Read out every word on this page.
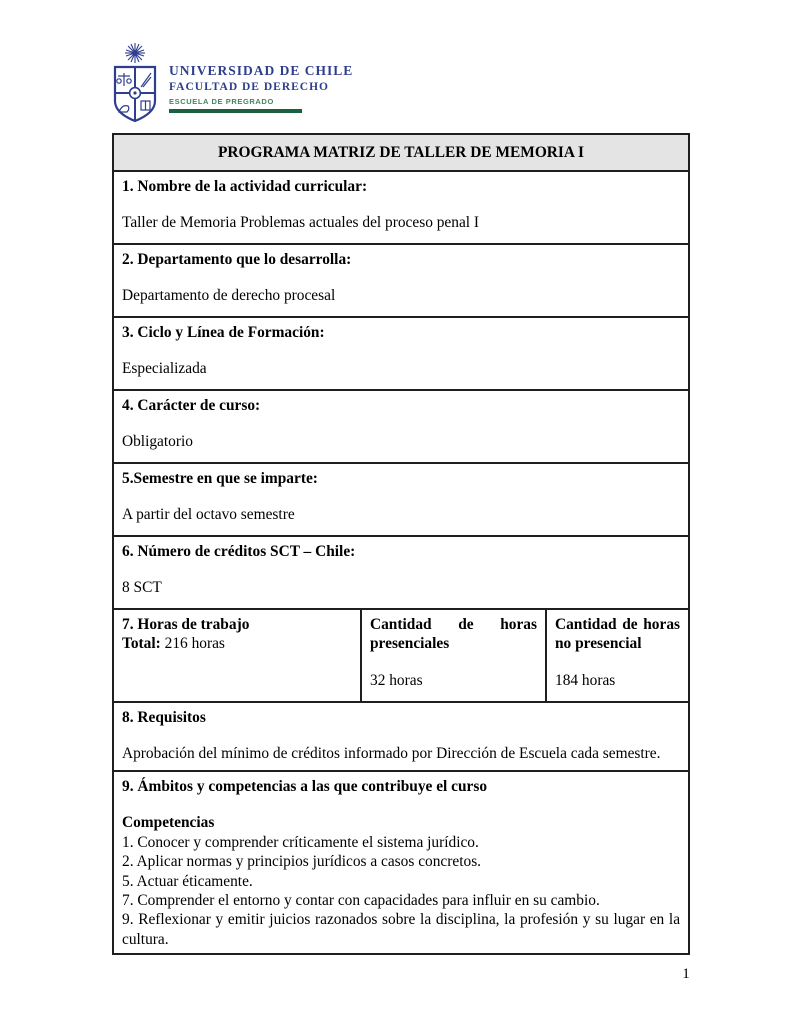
UNIVERSIDAD DE CHILE
FACULTAD DE DERECHO
ESCUELA DE PREGRADO
PROGRAMA MATRIZ DE TALLER DE MEMORIA I

1. Nombre de la actividad curricular:
Taller de Memoria Problemas actuales del proceso penal I

2. Departamento que lo desarrolla:
Departamento de derecho procesal

3. Ciclo y Línea de Formación:
Especializada

4. Carácter de curso:
Obligatorio

5.Semestre en que se imparte:
A partir del octavo semestre

6. Número de créditos SCT – Chile:
8 SCT

7. Horas de trabajo
Total: 216 horas

Cantidad de horas presenciales
32 horas

Cantidad de horas no presencial
184 horas

8. Requisitos
Aprobación del mínimo de créditos informado por Dirección de Escuela cada semestre.

9. Ámbitos y competencias a las que contribuye el curso
Competencias
1. Conocer y comprender críticamente el sistema jurídico.
2. Aplicar normas y principios jurídicos a casos concretos.
5. Actuar éticamente.
7. Comprender el entorno y contar con capacidades para influir en su cambio.
9. Reflexionar y emitir juicios razonados sobre la disciplina, la profesión y su lugar en la cultura.
1
